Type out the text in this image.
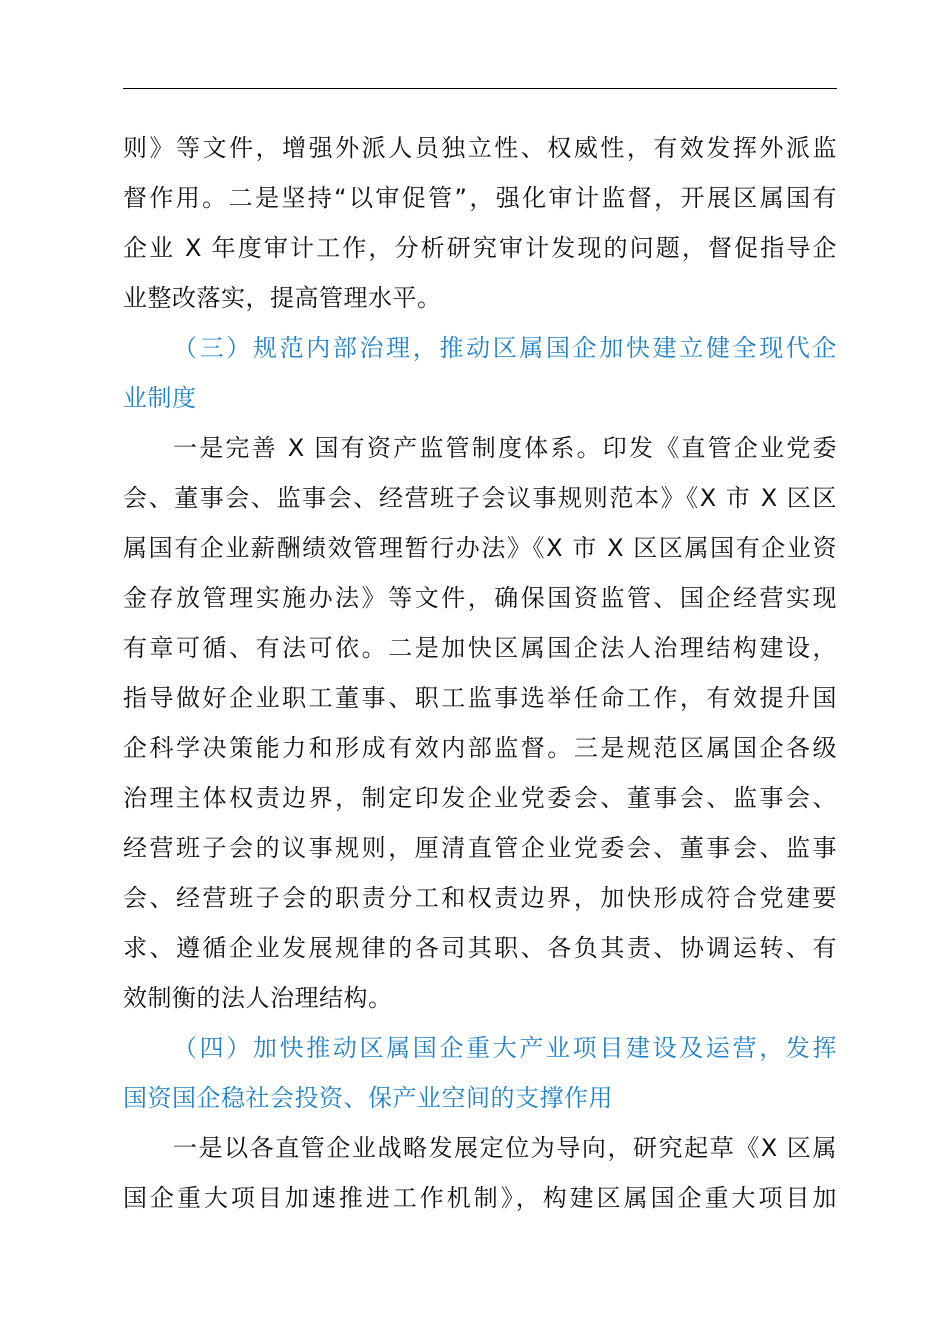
则》等文件，增强外派人员独立性、权威性，有效发挥外派监
督作用。二是坚持“以审促管”，强化审计监督，开展区属国有
企业 X 年度审计工作，分析研究审计发现的问题，督促指导企
业整改落实，提高管理水平。
（三）规范内部治理，推动区属国企加快建立健全现代企
业制度
一是完善 X 国有资产监管制度体系。印发《直管企业党委
会、董事会、监事会、经营班子会议事规则范本》《X 市 X 区区
属国有企业薪酬绩效管理暂行办法》《X 市 X 区区属国有企业资
金存放管理实施办法》等文件，确保国资监管、国企经营实现
有章可循、有法可依。二是加快区属国企法人治理结构建设，
指导做好企业职工董事、职工监事选举任命工作，有效提升国
企科学决策能力和形成有效内部监督。三是规范区属国企各级
治理主体权责边界，制定印发企业党委会、董事会、监事会、
经营班子会的议事规则，厘清直管企业党委会、董事会、监事
会、经营班子会的职责分工和权责边界，加快形成符合党建要
求、遵循企业发展规律的各司其职、各负其责、协调运转、有
效制衡的法人治理结构。
（四）加快推动区属国企重大产业项目建设及运营，发挥
国资国企稳社会投资、保产业空间的支撑作用
一是以各直管企业战略发展定位为导向，研究起草《X 区属
国企重大项目加速推进工作机制》，构建区属国企重大项目加
